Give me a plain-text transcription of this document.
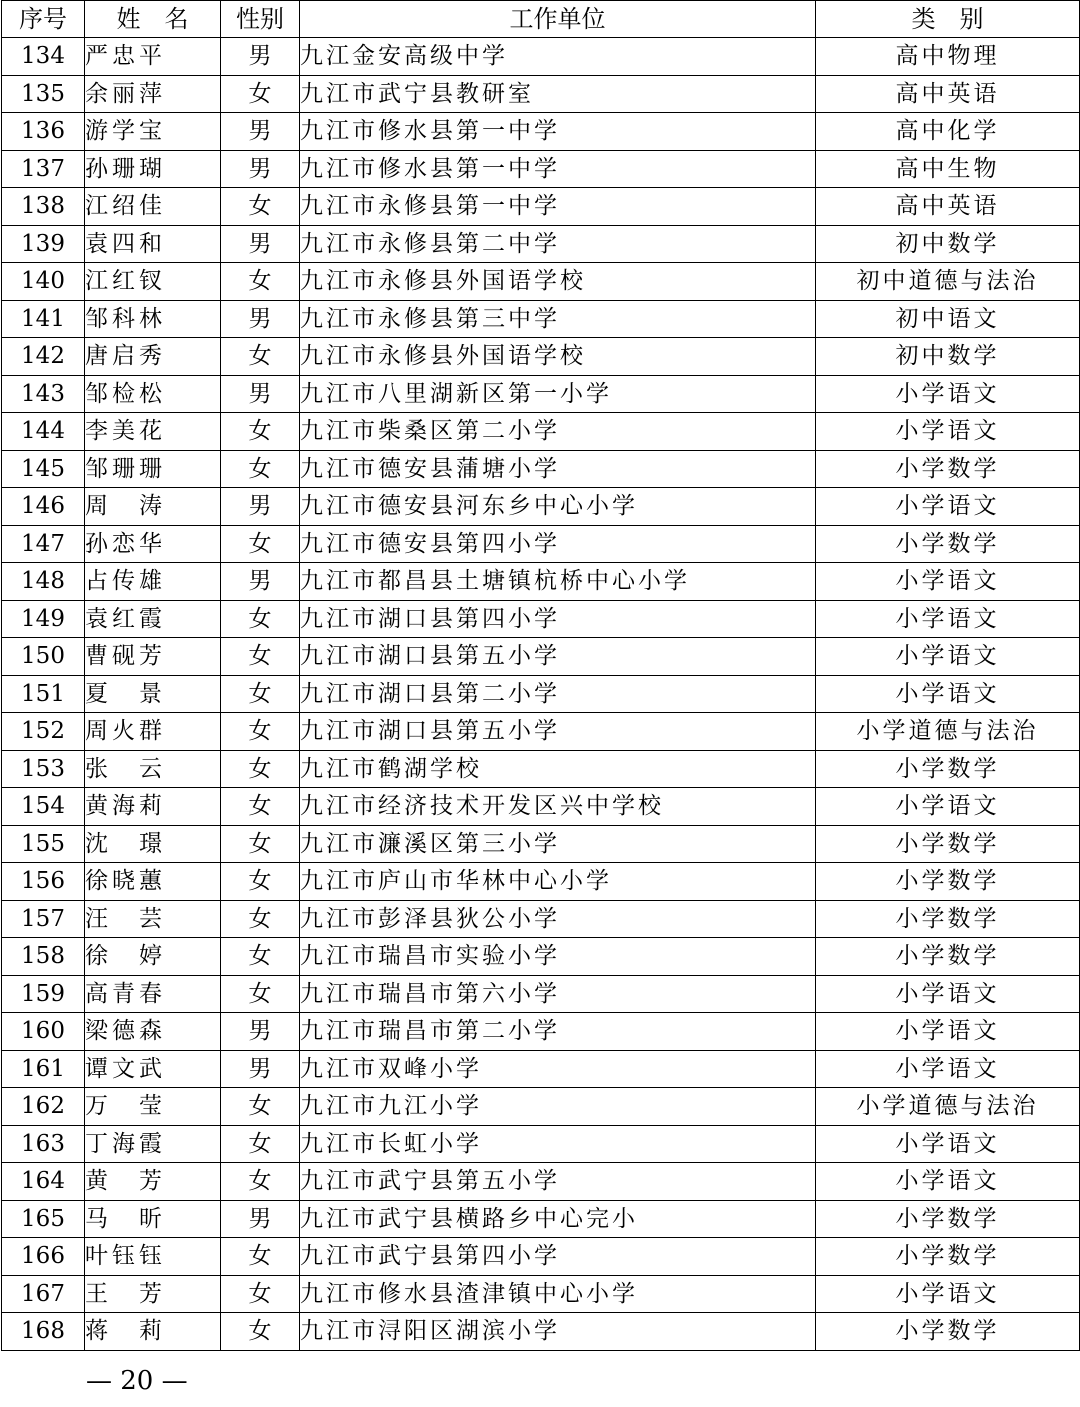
序号	姓　名	性别	工作单位	类　别
134	严忠平	男	九江金安高级中学	高中物理
135	余丽萍	女	九江市武宁县教研室	高中英语
136	游学宝	男	九江市修水县第一中学	高中化学
137	孙珊瑚	男	九江市修水县第一中学	高中生物
138	江绍佳	女	九江市永修县第一中学	高中英语
139	袁四和	男	九江市永修县第二中学	初中数学
140	江红钗	女	九江市永修县外国语学校	初中道德与法治
141	邹科林	男	九江市永修县第三中学	初中语文
142	唐启秀	女	九江市永修县外国语学校	初中数学
143	邹检松	男	九江市八里湖新区第一小学	小学语文
144	李美花	女	九江市柴桑区第二小学	小学语文
145	邹珊珊	女	九江市德安县蒲塘小学	小学数学
146	周　涛	男	九江市德安县河东乡中心小学	小学语文
147	孙恋华	女	九江市德安县第四小学	小学数学
148	占传雄	男	九江市都昌县土塘镇杭桥中心小学	小学语文
149	袁红霞	女	九江市湖口县第四小学	小学语文
150	曹砚芳	女	九江市湖口县第五小学	小学语文
151	夏　景	女	九江市湖口县第二小学	小学语文
152	周火群	女	九江市湖口县第五小学	小学道德与法治
153	张　云	女	九江市鹤湖学校	小学数学
154	黄海莉	女	九江市经济技术开发区兴中学校	小学语文
155	沈　璟	女	九江市濂溪区第三小学	小学数学
156	徐晓蕙	女	九江市庐山市华林中心小学	小学数学
157	汪　芸	女	九江市彭泽县狄公小学	小学数学
158	徐　婷	女	九江市瑞昌市实验小学	小学数学
159	高青春	女	九江市瑞昌市第六小学	小学语文
160	梁德森	男	九江市瑞昌市第二小学	小学语文
161	谭文武	男	九江市双峰小学	小学语文
162	万　莹	女	九江市九江小学	小学道德与法治
163	丁海霞	女	九江市长虹小学	小学语文
164	黄　芳	女	九江市武宁县第五小学	小学语文
165	马　昕	男	九江市武宁县横路乡中心完小	小学数学
166	叶钰钰	女	九江市武宁县第四小学	小学数学
167	王　芳	女	九江市修水县渣津镇中心小学	小学语文
168	蒋　莉	女	九江市浔阳区湖滨小学	小学数学
— 20 —
